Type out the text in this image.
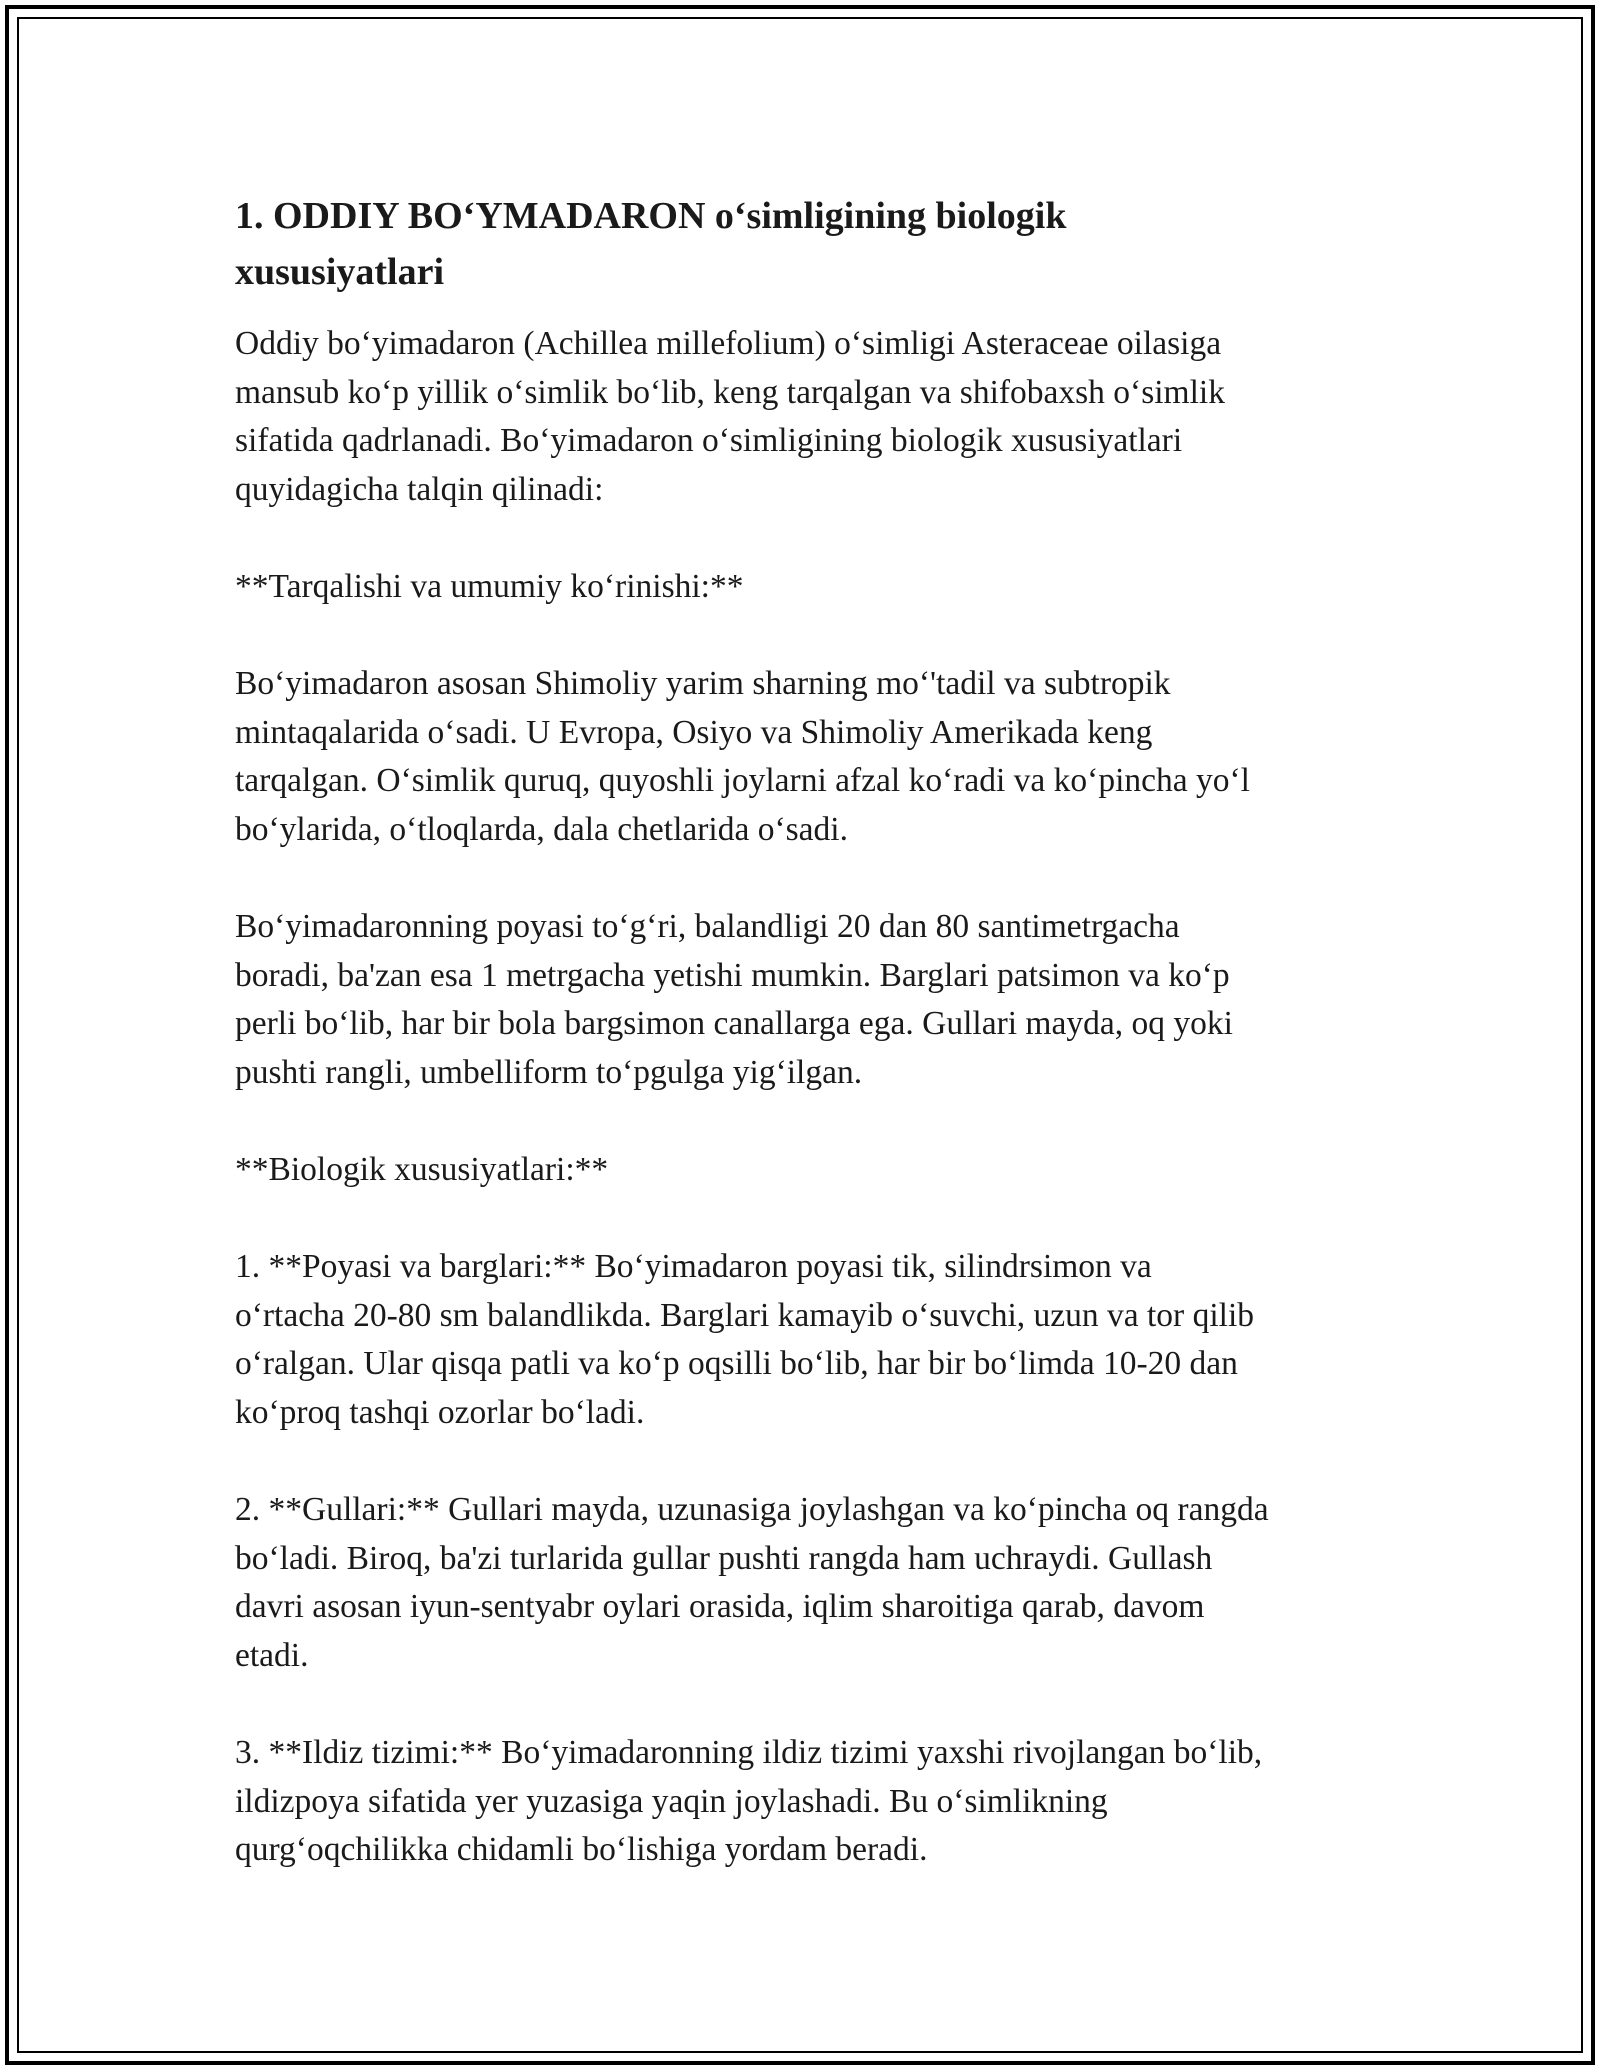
1. ODDIY BO‘YMADARON o‘simligining biologik
xususiyatlari

Oddiy bo‘yimadaron (Achillea millefolium) o‘simligi Asteraceae oilasiga
mansub ko‘p yillik o‘simlik bo‘lib, keng tarqalgan va shifobaxsh o‘simlik
sifatida qadrlanadi. Bo‘yimadaron o‘simligining biologik xususiyatlari
quyidagicha talqin qilinadi:

**Tarqalishi va umumiy ko‘rinishi:**

Bo‘yimadaron asosan Shimoliy yarim sharning mo‘'tadil va subtropik
mintaqalarida o‘sadi. U Evropa, Osiyo va Shimoliy Amerikada keng
tarqalgan. O‘simlik quruq, quyoshli joylarni afzal ko‘radi va ko‘pincha yo‘l
bo‘ylarida, o‘tloqlarda, dala chetlarida o‘sadi.

Bo‘yimadaronning poyasi to‘g‘ri, balandligi 20 dan 80 santimetrgacha
boradi, ba'zan esa 1 metrgacha yetishi mumkin. Barglari patsimon va ko‘p
perli bo‘lib, har bir bola bargsimon canallarga ega. Gullari mayda, oq yoki
pushti rangli, umbelliform to‘pgulga yig‘ilgan.

**Biologik xususiyatlari:**

1. **Poyasi va barglari:** Bo‘yimadaron poyasi tik, silindrsimon va
o‘rtacha 20-80 sm balandlikda. Barglari kamayib o‘suvchi, uzun va tor qilib
o‘ralgan. Ular qisqa patli va ko‘p oqsilli bo‘lib, har bir bo‘limda 10-20 dan
ko‘proq tashqi ozorlar bo‘ladi.

2. **Gullari:** Gullari mayda, uzunasiga joylashgan va ko‘pincha oq rangda
bo‘ladi. Biroq, ba'zi turlarida gullar pushti rangda ham uchraydi. Gullash
davri asosan iyun-sentyabr oylari orasida, iqlim sharoitiga qarab, davom
etadi.

3. **Ildiz tizimi:** Bo‘yimadaronning ildiz tizimi yaxshi rivojlangan bo‘lib,
ildizpoya sifatida yer yuzasiga yaqin joylashadi. Bu o‘simlikning
qurg‘oqchilikka chidamli bo‘lishiga yordam beradi.
